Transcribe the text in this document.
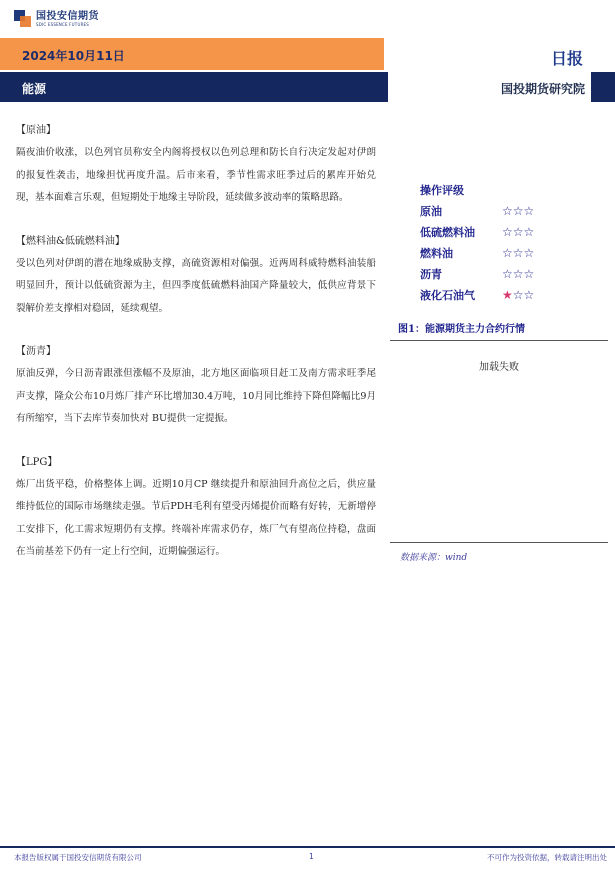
国投安信期货
SDIC ESSENCE FUTURES
2024年10月11日	日报
能源	国投期货研究院
【原油】
隔夜油价收涨，以色列官员称安全内阁将授权以色列总理和防长自行决定发起对伊朗的报复性袭击，地缘担忧再度升温。后市来看，季节性需求旺季过后的累库开始兑现，基本面难言乐观，但短期处于地缘主导阶段，延续做多波动率的策略思路。
【燃料油&低硫燃料油】
受以色列对伊朗的潜在地缘威胁支撑，高硫资源相对偏强。近两周科威特燃料油装船明显回升，预计以低硫资源为主，但四季度低硫燃料油国产降量较大，低供应背景下裂解价差支撑相对稳固，延续观望。
【沥青】
原油反弹，今日沥青跟涨但涨幅不及原油，北方地区面临项目赶工及南方需求旺季尾声支撑，隆众公布10月炼厂排产环比增加30.4万吨，10月同比维持下降但降幅比9月有所缩窄，当下去库节奏加快对 BU提供一定提振。
【LPG】
炼厂出货平稳，价格整体上调。近期10月CP 继续提升和原油回升高位之后，供应量维持低位的国际市场继续走强。节后PDH毛利有望受丙烯提价而略有好转，无新增停工安排下，化工需求短期仍有支撑。终端补库需求仍存，炼厂气有望高位持稳，盘面在当前基差下仍有一定上行空间，近期偏强运行。
操作评级
原油	☆☆☆
低硫燃料油	☆☆☆
燃料油	☆☆☆
沥青	☆☆☆
液化石油气	★☆☆
图1：能源期货主力合约行情
加载失败
数据来源：wind
本报告版权属于国投安信期货有限公司	1	不可作为投资依据，转载请注明出处
